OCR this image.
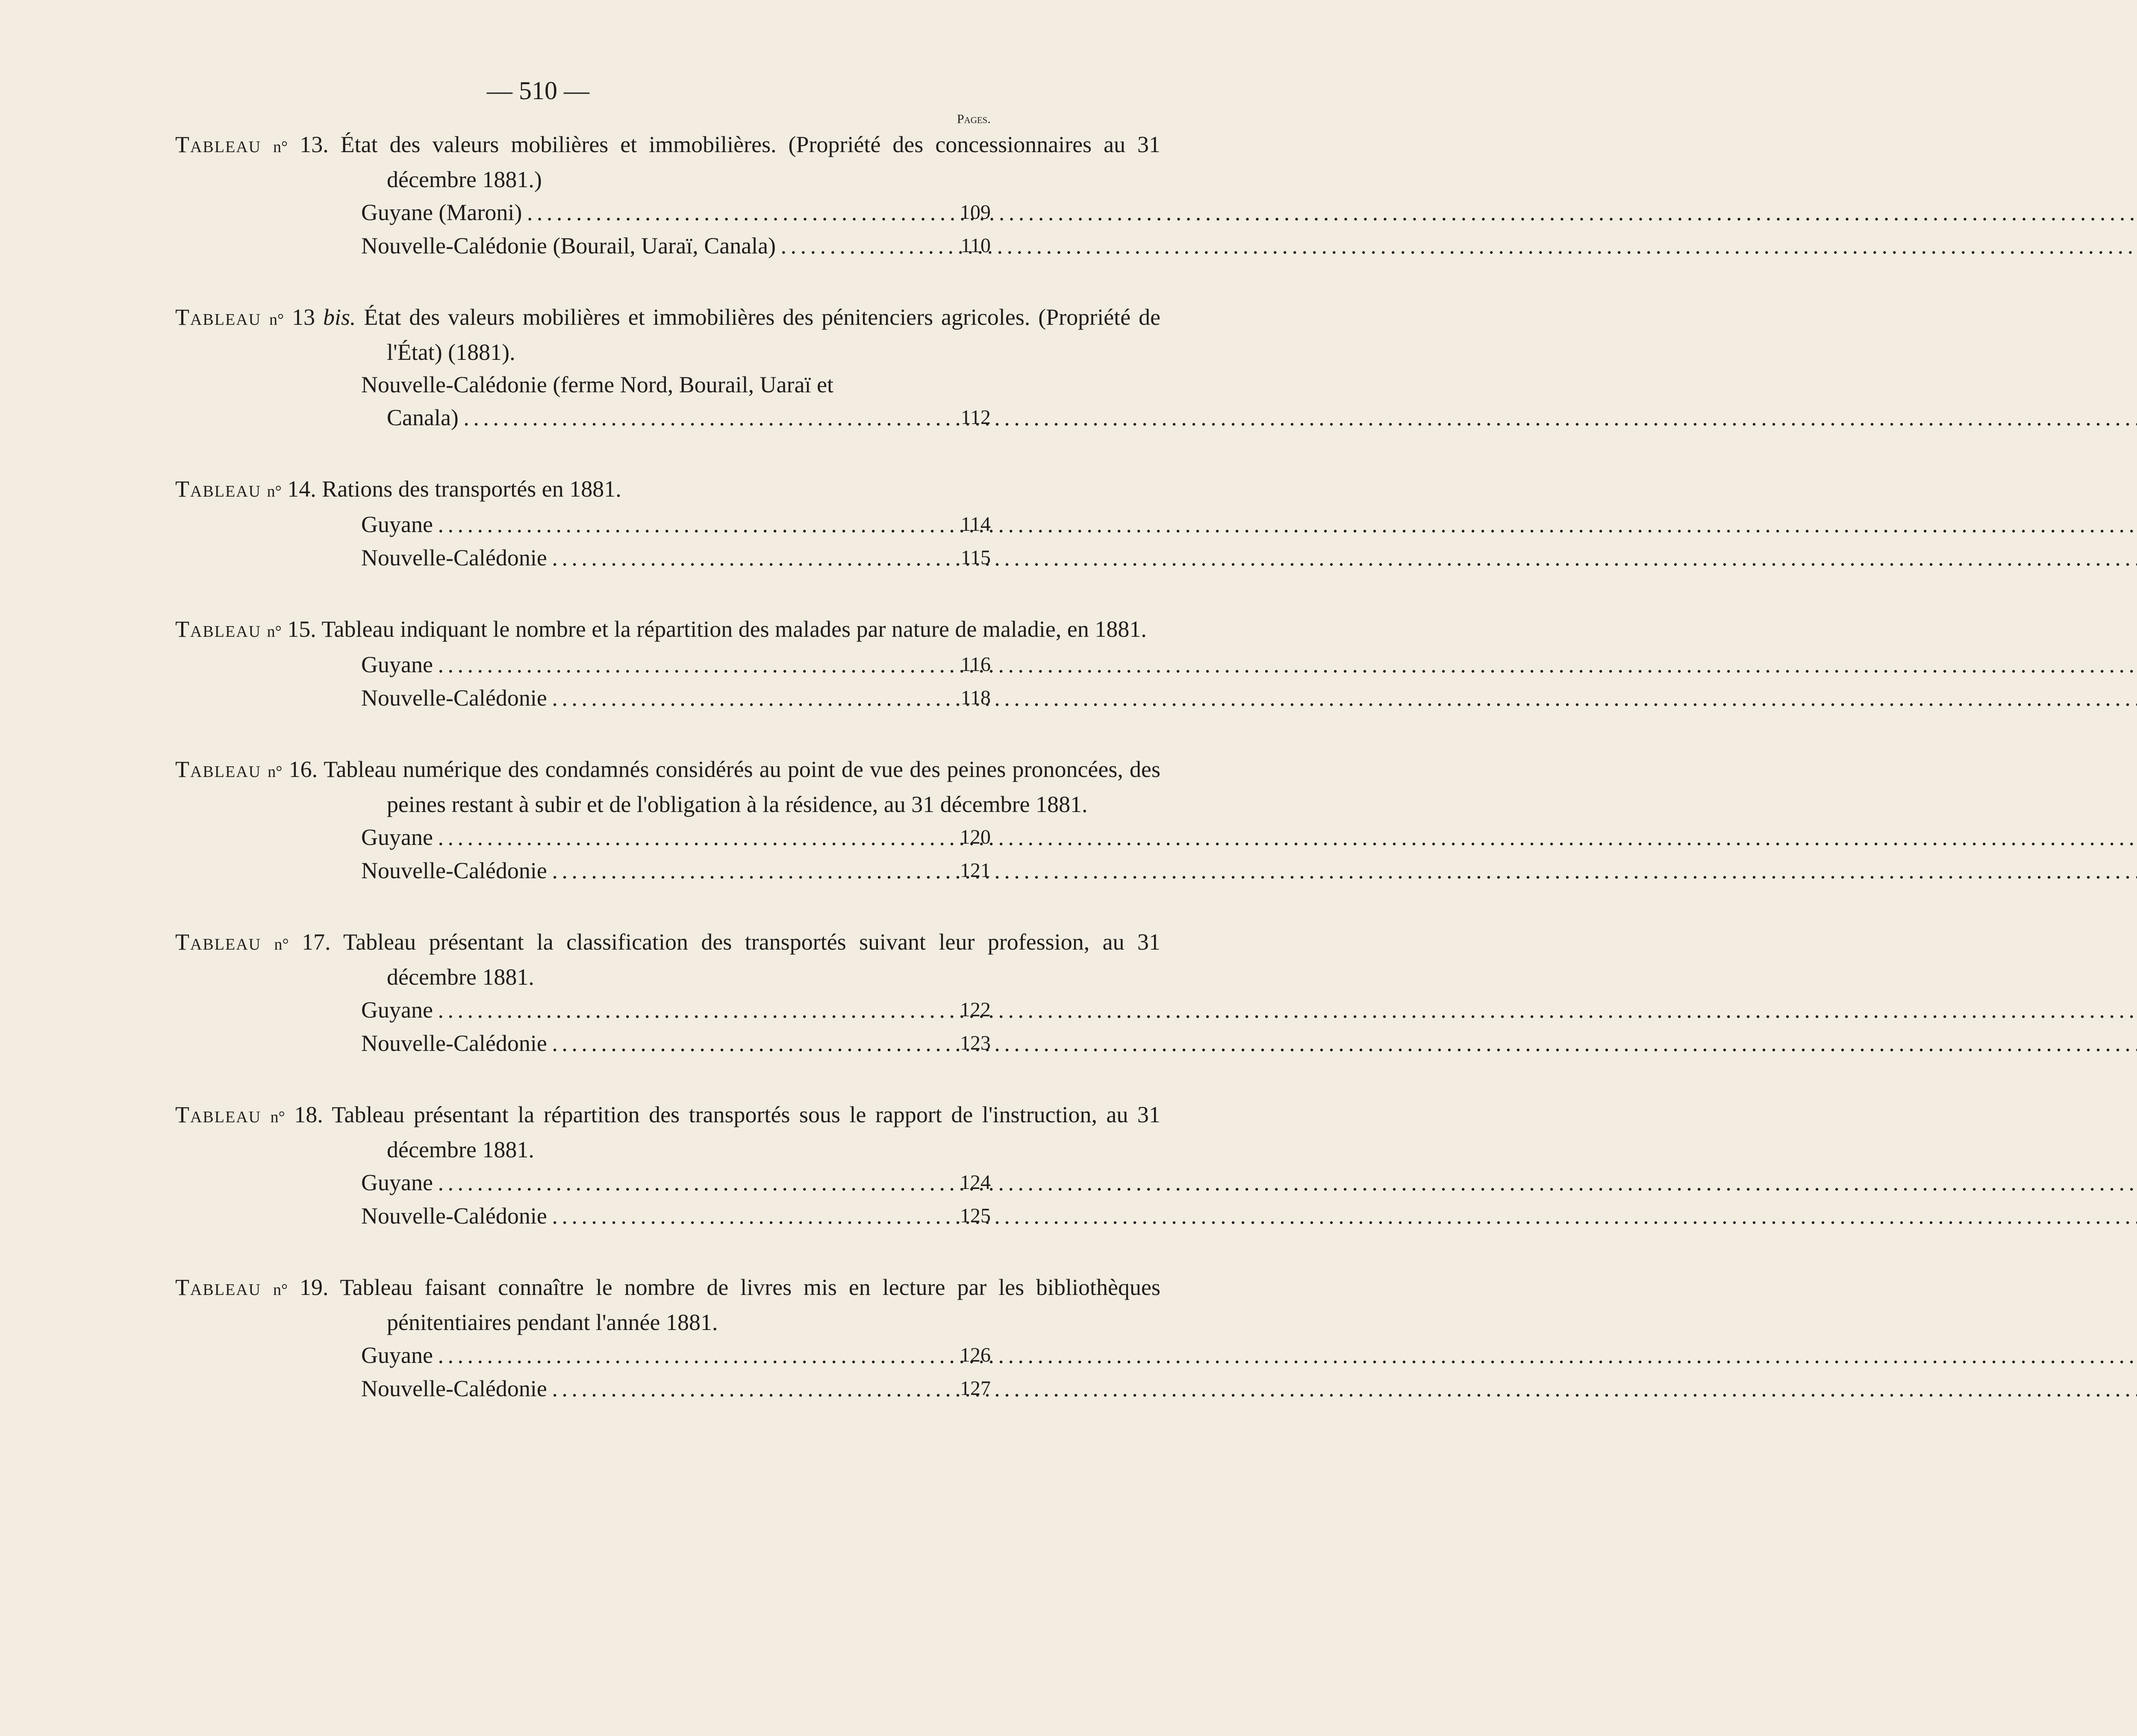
— 510 —
Pages.
Tableau n° 13. État des valeurs mobilières et immobilières. (Propriété des concessionnaires au 31 décembre 1881.)
Guyane (Maroni) . . .	109
Nouvelle-Calédonie (Bourail, Uaraï, Canala) . . .	110
Tableau n° 13 bis. État des valeurs mobilières et immobilières des pénitenciers agricoles. (Propriété de l'État) (1881).
Nouvelle-Calédonie (ferme Nord, Bourail, Uaraï et
Canala) . . .	112
Tableau n° 14. Rations des transportés en 1881.
Guyane . . .	114
Nouvelle-Calédonie . . .	115
Tableau n° 15. Tableau indiquant le nombre et la répartition des malades par nature de maladie, en 1881.
Guyane . . .	116
Nouvelle-Calédonie . . .	118
Tableau n° 16. Tableau numérique des condamnés considérés au point de vue des peines prononcées, des peines restant à subir et de l'obligation à la résidence, au 31 décembre 1881.
Guyane . . .	120
Nouvelle-Calédonie . . .	121
Tableau n° 17. Tableau présentant la classification des transportés suivant leur profession, au 31 décembre 1881.
Guyane . . .	122
Nouvelle-Calédonie . . .	123
Tableau n° 18. Tableau présentant la répartition des transportés sous le rapport de l'instruction, au 31 décembre 1881.
Guyane . . .	124
Nouvelle-Calédonie . . .	125
Tableau n° 19. Tableau faisant connaître le nombre de livres mis en lecture par les bibliothèques pénitentiaires pendant l'année 1881.
Guyane . . .	126
Nouvelle-Calédonie . . .	127
